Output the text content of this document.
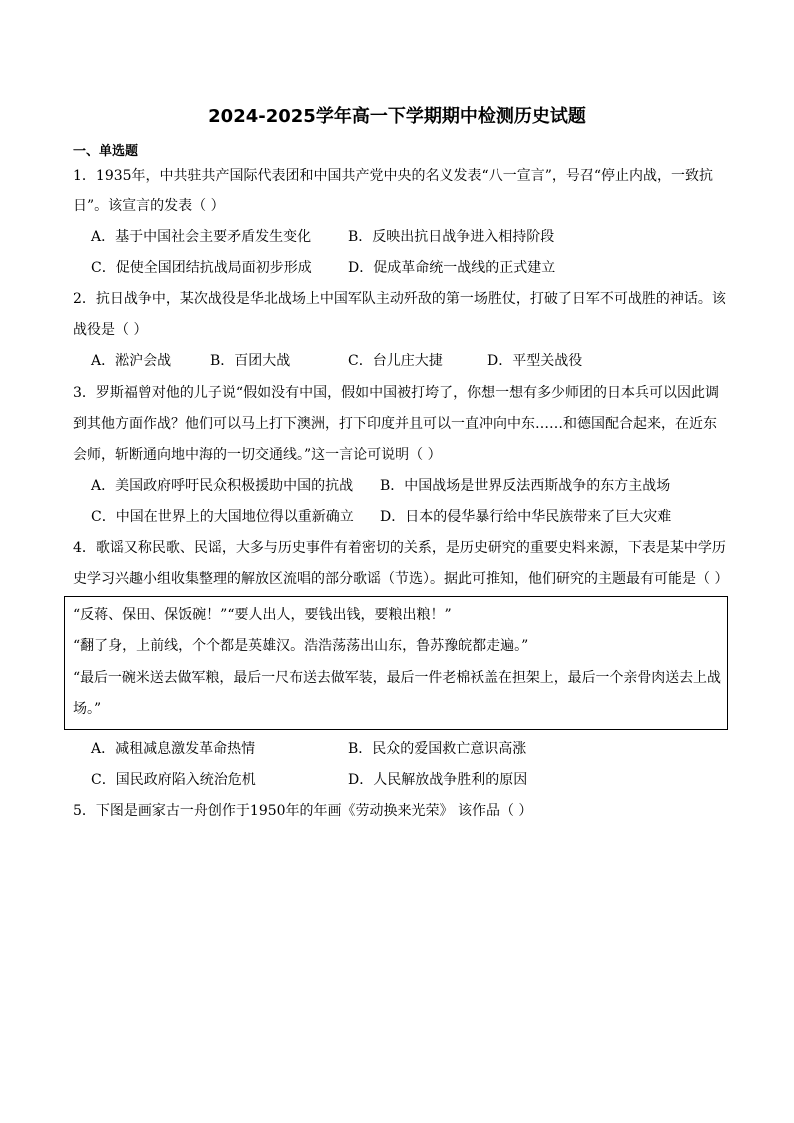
2024-2025学年高一下学期期中检测历史试题
一、单选题
1．1935年，中共驻共产国际代表团和中国共产党中央的名义发表“八一宣言”，号召“停止内战，一致抗
日”。该宣言的发表（ ）
A．基于中国社会主要矛盾发生变化	B．反映出抗日战争进入相持阶段
C．促使全国团结抗战局面初步形成	D．促成革命统一战线的正式建立
2．抗日战争中，某次战役是华北战场上中国军队主动歼敌的第一场胜仗，打破了日军不可战胜的神话。该
战役是（ ）
A．淞沪会战	B．百团大战	C．台儿庄大捷	D．平型关战役
3．罗斯福曾对他的儿子说“假如没有中国，假如中国被打垮了，你想一想有多少师团的日本兵可以因此调
到其他方面作战？他们可以马上打下澳洲，打下印度并且可以一直冲向中东……和德国配合起来，在近东
会师，斩断通向地中海的一切交通线。”这一言论可说明（ ）
A．美国政府呼吁民众积极援助中国的抗战 B．中国战场是世界反法西斯战争的东方主战场
C．中国在世界上的大国地位得以重新确立 D．日本的侵华暴行给中华民族带来了巨大灾难
4．歌谣又称民歌、民谣，大多与历史事件有着密切的关系，是历史研究的重要史料来源，下表是某中学历
史学习兴趣小组收集整理的解放区流唱的部分歌谣（节选）。据此可推知，他们研究的主题最有可能是（ ）
“反蒋、保田、保饭碗！”“要人出人，要钱出钱，要粮出粮！”
“翻了身，上前线，个个都是英雄汉。浩浩荡荡出山东，鲁苏豫皖都走遍。”
“最后一碗米送去做军粮，最后一尺布送去做军装，最后一件老棉袄盖在担架上，最后一个亲骨肉送去上战
场。”
A．减租减息激发革命热情	B．民众的爱国救亡意识高涨
C．国民政府陷入统治危机	D．人民解放战争胜利的原因
5．下图是画家古一舟创作于1950年的年画《劳动换来光荣》 该作品（ ）
